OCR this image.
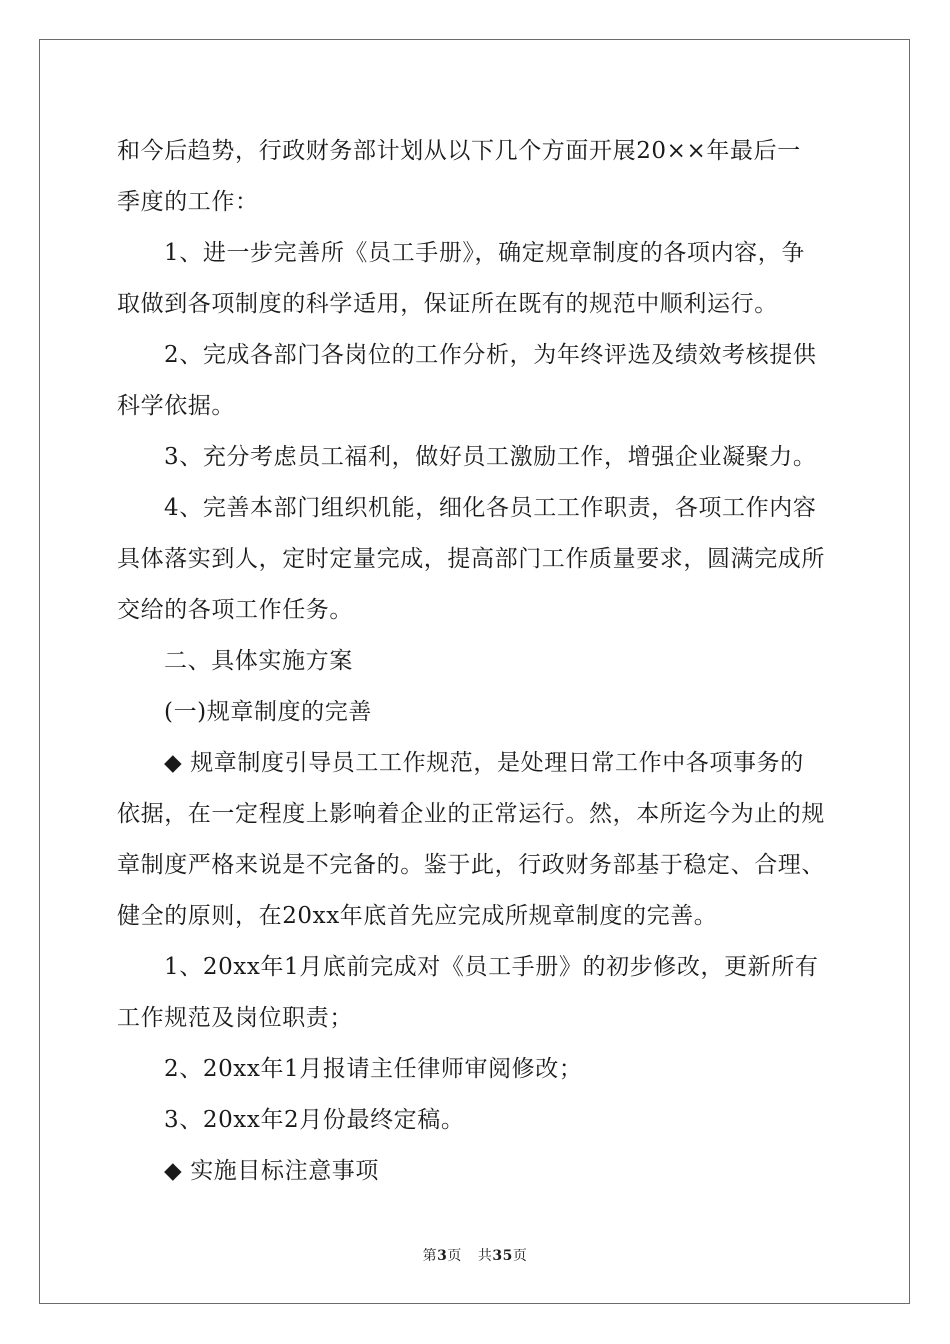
和今后趋势，行政财务部计划从以下几个方面开展20××年最后一
季度的工作：
1、进一步完善所《员工手册》，确定规章制度的各项内容，争
取做到各项制度的科学适用，保证所在既有的规范中顺利运行。
2、完成各部门各岗位的工作分析，为年终评选及绩效考核提供
科学依据。
3、充分考虑员工福利，做好员工激励工作，增强企业凝聚力。
4、完善本部门组织机能，细化各员工工作职责，各项工作内容
具体落实到人，定时定量完成，提高部门工作质量要求，圆满完成所
交给的各项工作任务。
二、具体实施方案
(一)规章制度的完善
◆ 规章制度引导员工工作规范，是处理日常工作中各项事务的
依据，在一定程度上影响着企业的正常运行。然，本所迄今为止的规
章制度严格来说是不完备的。鉴于此，行政财务部基于稳定、合理、
健全的原则，在20xx年底首先应完成所规章制度的完善。
1、20xx年1月底前完成对《员工手册》的初步修改，更新所有
工作规范及岗位职责；
2、20xx年1月报请主任律师审阅修改；
3、20xx年2月份最终定稿。
◆ 实施目标注意事项
第3页 共35页
